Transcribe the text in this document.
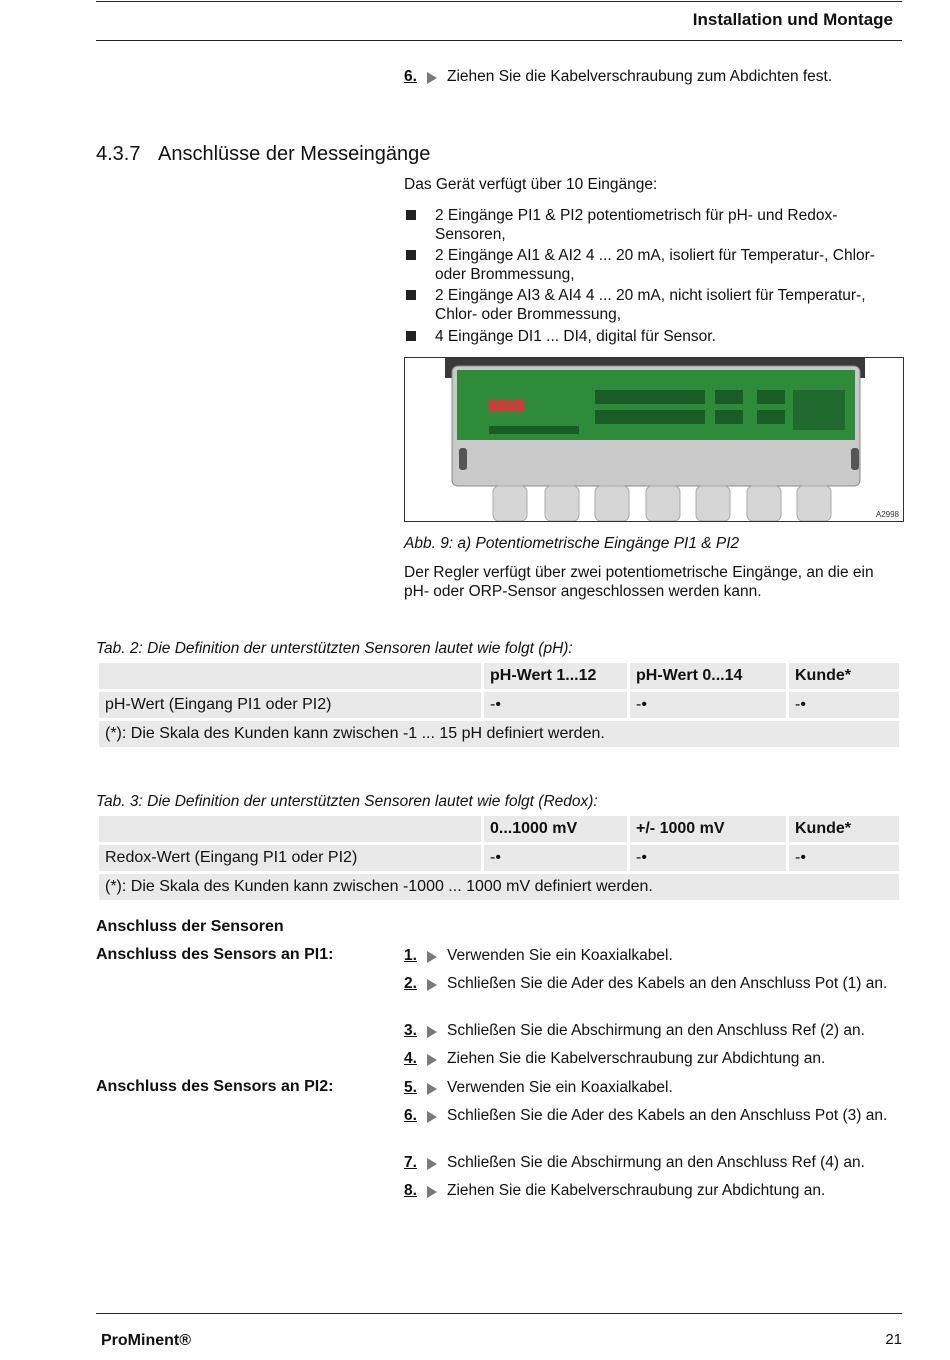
Installation und Montage
6.	Ziehen Sie die Kabelverschraubung zum Abdichten fest.
4.3.7 Anschlüsse der Messeingänge
Das Gerät verfügt über 10 Eingänge:
2 Eingänge PI1 & PI2 potentiometrisch für pH- und Redox-Sensoren,
2 Eingänge AI1 & AI2 4 ... 20 mA, isoliert für Temperatur-, Chlor- oder Brommessung,
2 Eingänge AI3 & AI4 4 ... 20 mA, nicht isoliert für Temperatur-, Chlor- oder Brommessung,
4 Eingänge DI1 ... DI4, digital für Sensor.
A2998
Abb. 9: a) Potentiometrische Eingänge PI1 & PI2
Der Regler verfügt über zwei potentiometrische Eingänge, an die ein pH- oder ORP-Sensor angeschlossen werden kann.
Tab. 2: Die Definition der unterstützten Sensoren lautet wie folgt (pH):
	pH-Wert 1...12	pH-Wert 0...14	Kunde*
pH-Wert (Eingang PI1 oder PI2)	-•	-•	-•
(*): Die Skala des Kunden kann zwischen -1 ... 15 pH definiert werden.			
Tab. 3: Die Definition der unterstützten Sensoren lautet wie folgt (Redox):
	0...1000 mV	+/- 1000 mV	Kunde*
Redox-Wert (Eingang PI1 oder PI2)	-•	-•	-•
(*): Die Skala des Kunden kann zwischen -1000 ... 1000 mV definiert werden.			
Anschluss der Sensoren
Anschluss des Sensors an PI1:
Anschluss des Sensors an PI2:
1.	Verwenden Sie ein Koaxialkabel.
2.	Schließen Sie die Ader des Kabels an den Anschluss Pot (1) an.
3.	Schließen Sie die Abschirmung an den Anschluss Ref (2) an.
4.	Ziehen Sie die Kabelverschraubung zur Abdichtung an.
5.	Verwenden Sie ein Koaxialkabel.
6.	Schließen Sie die Ader des Kabels an den Anschluss Pot (3) an.
7.	Schließen Sie die Abschirmung an den Anschluss Ref (4) an.
8.	Ziehen Sie die Kabelverschraubung zur Abdichtung an.
ProMinent®	21
